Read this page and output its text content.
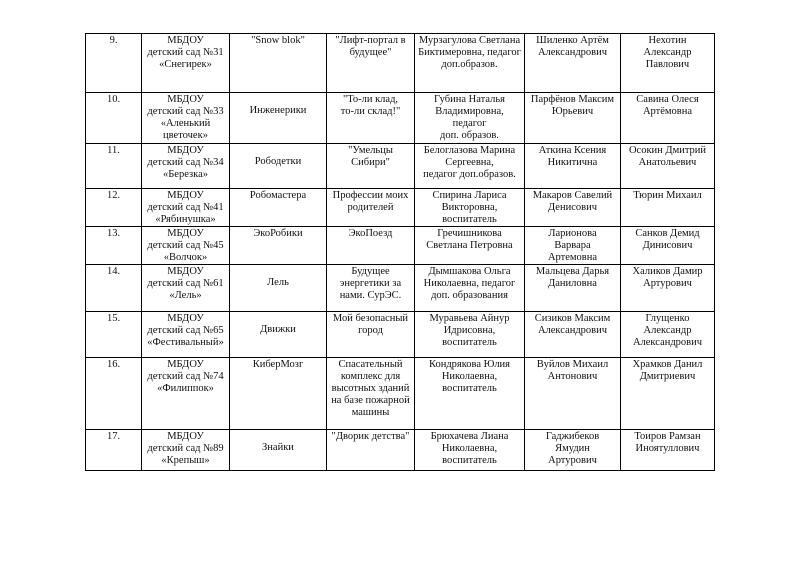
9.	МБДОУ
детский сад №31
«Снегирек»	"Snow blok"	"Лифт-портал в
будущее"	Мурзагулова Светлана
Биктимеровна, педагог
доп.образов.	Шиленко Артём
Александрович	Нехотин
Александр
Павлович
10.	МБДОУ
детский сад №33
«Аленький
цветочек»	Инженерики	"То-ли клад,
то-ли склад!"	Губина Наталья
Владимировна,
педагог
доп. образов.	Парфёнов Максим
Юрьевич	Савина Олеся
Артёмовна
11.	МБДОУ
детский сад №34
«Березка»	Рободетки	"Умельцы
Сибири"	Белоглазова Марина
Сергеевна,
педагог доп.образов.	Аткина Ксения
Никитична	Осокин Дмитрий
Анатольевич
12.	МБДОУ
детский сад №41
«Рябинушка»	Робомастера	Профессии моих
родителей	Спирина Лариса
Викторовна,
воспитатель	Макаров Савелий
Денисович	Тюрин Михаил
13.	МБДОУ
детский сад №45
«Волчок»	ЭкоРобики	ЭкоПоезд	Гречишникова
Светлана Петровна	Ларионова
Варвара
Артемовна	Санков Демид
Динисович
14.	МБДОУ
детский сад №61
«Лель»	Лель	Будущее
энергетики за
нами. СурЭС.	Дымшакова Ольга
Николаевна, педагог
доп. образования	Мальцева Дарья
Даниловна	Халиков Дамир
Артурович
15.	МБДОУ
детский сад №65
«Фестивальный»	Движки	Мой безопасный
город	Муравьева Айнур
Идрисовна,
воспитатель	Сизиков Максим
Александрович	Глущенко
Александр
Александрович
16.	МБДОУ
детский сад №74
«Филиппок»	КиберМозг	Спасательный
комплекс для
высотных зданий
на базе пожарной
машины	Кондрякова Юлия
Николаевна,
воспитатель	Вуйлов Михаил
Антонович	Храмков Данил
Дмитриевич
17.	МБДОУ
детский сад №89
«Крепыш»	Знайки	"Дворик детства"	Брюхачева Лиана
Николаевна,
воспитатель	Гаджибеков
Ямудин
Артурович	Тоиров Рамзан
Иноятуллович
